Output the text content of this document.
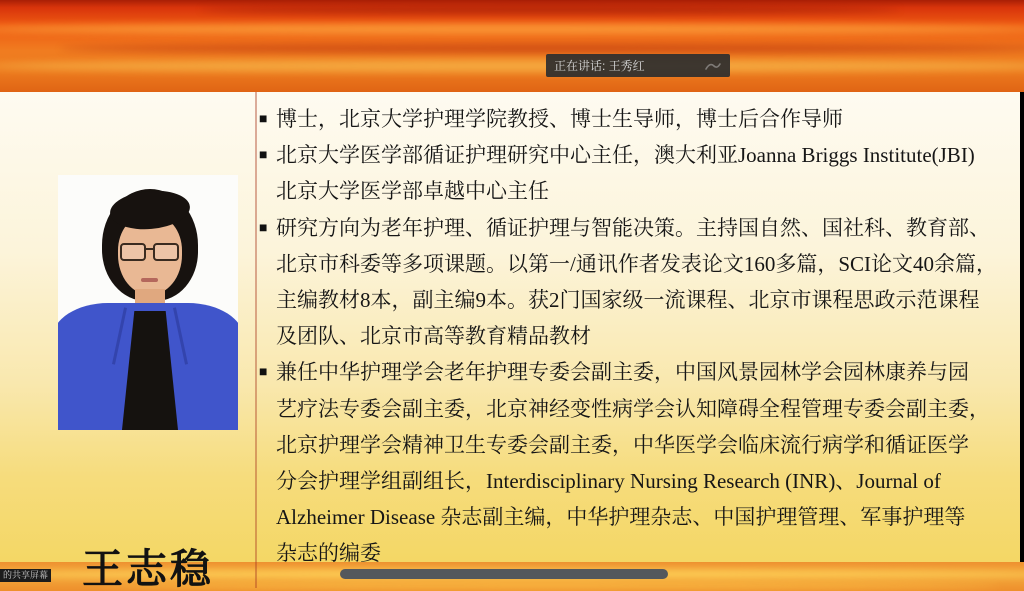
王志稳
■ 博士，北京大学护理学院教授、博士生导师，博士后合作导师
■ 北京大学医学部循证护理研究中心主任，澳大利亚Joanna Briggs Institute(JBI)
北京大学医学部卓越中心主任
■ 研究方向为老年护理、循证护理与智能决策。主持国自然、国社科、教育部、
北京市科委等多项课题。以第一/通讯作者发表论文160多篇，SCI论文40余篇，
主编教材8本，副主编9本。获2门国家级一流课程、北京市课程思政示范课程
及团队、北京市高等教育精品教材
■ 兼任中华护理学会老年护理专委会副主委，中国风景园林学会园林康养与园
艺疗法专委会副主委，北京神经变性病学会认知障碍全程管理专委会副主委，
北京护理学会精神卫生专委会副主委，中华医学会临床流行病学和循证医学
分会护理学组副组长，Interdisciplinary Nursing Research (INR)、Journal of
Alzheimer Disease 杂志副主编，中华护理杂志、中国护理管理、军事护理等
杂志的编委
正在讲话: 王秀红
的共享屏幕
